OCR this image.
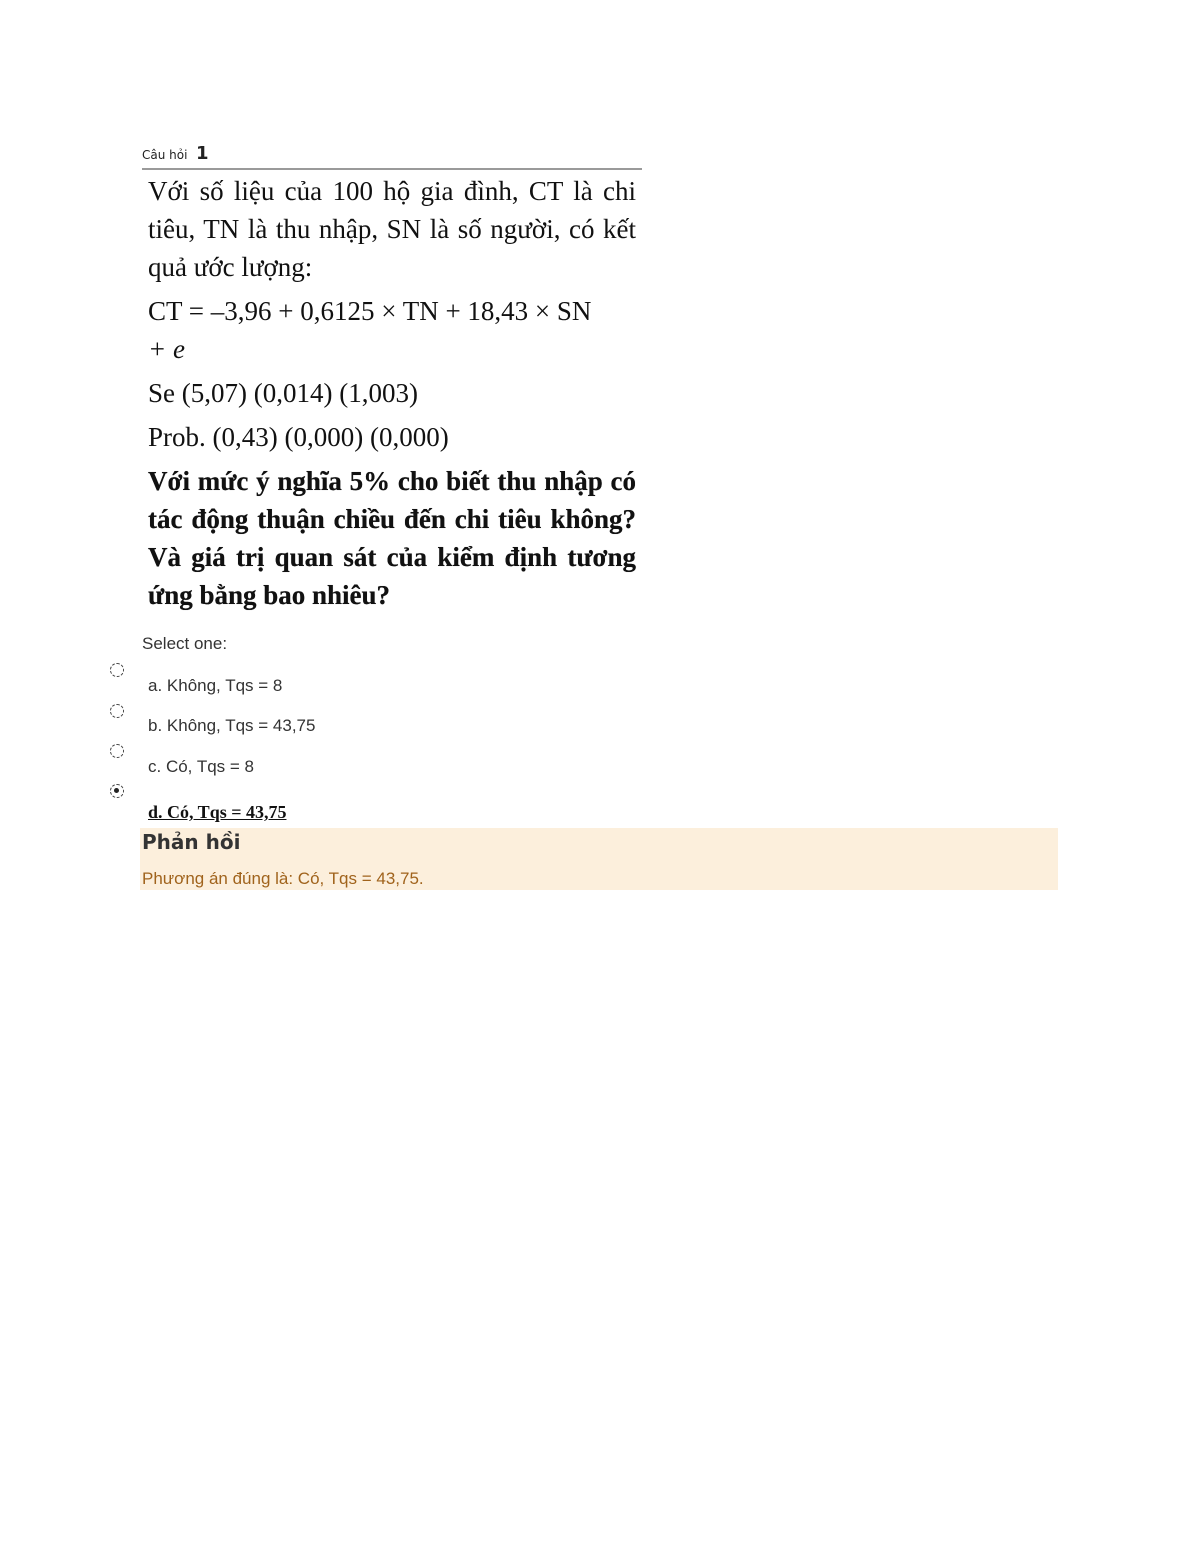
Câu hỏi 1

Với số liệu của 100 hộ gia đình, CT là chi tiêu, TN là thu nhập, SN là số người, có kết quả ước lượng:

CT = –3,96 + 0,6125 × TN + 18,43 × SN

+ e

Se (5,07) (0,014) (1,003)

Prob. (0,43) (0,000) (0,000)

Với mức ý nghĩa 5% cho biết thu nhập có tác động thuận chiều đến chi tiêu không? Và giá trị quan sát của kiểm định tương ứng bằng bao nhiêu?

Select one:
a. Không, Tqs = 8
b. Không, Tqs = 43,75
c. Có, Tqs = 8
d. Có, Tqs = 43,75
Phản hồi
Phương án đúng là: Có, Tqs = 43,75.
